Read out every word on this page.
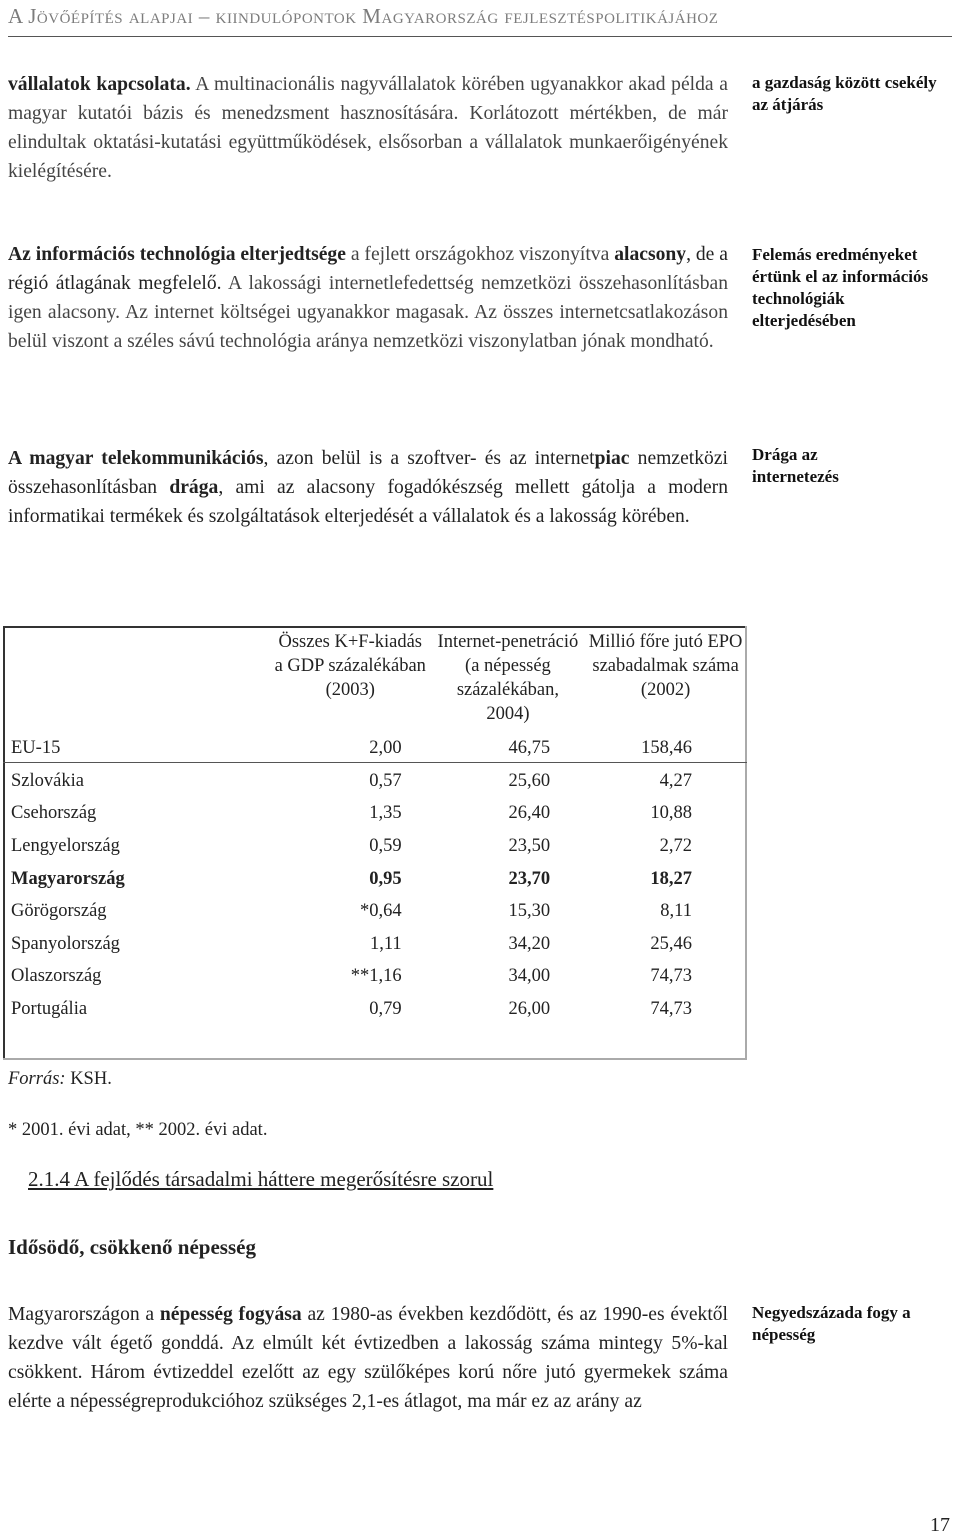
A Jövőépítés alapjai – kiindulópontok Magyarország fejlesztéspolitikájához

vállalatok kapcsolata. A multinacionális nagyvállalatok körében ugyanakkor akad példa a magyar kutatói bázis és menedzsment hasznosítására. Korlátozott mértékben, de már elindultak oktatási-kutatási együttműködések, elsősorban a vállalatok munkaerőigényének kielégítésére.

Az információs technológia elterjedtsége a fejlett országokhoz viszonyítva alacsony, de a régió átlagának megfelelő. A lakossági internetlefedettség nemzetközi összehasonlításban igen alacsony. Az internet költségei ugyanakkor magasak. Az összes internetcsatlakozáson belül viszont a széles sávú technológia aránya nemzetközi viszonylatban jónak mondható.

A magyar telekommunikációs, azon belül is a szoftver- és az internetpiac nemzetközi összehasonlításban drága, ami az alacsony fogadókészség mellett gátolja a modern informatikai termékek és szolgáltatások elterjedését a vállalatok és a lakosság körében.

a gazdaság között csekély az átjárás
Felemás eredményeket értünk el az információs technológiák elterjedésében
Drága az internetezés
	Összes K+F-kiadás a GDP százalékában (2003)	Internet-penetráció (a népesség százalékában, 2004)	Millió főre jutó EPO szabadalmak száma (2002)
EU-15	2,00	46,75	158,46
Szlovákia	0,57	25,60	4,27
Csehország	1,35	26,40	10,88
Lengyelország	0,59	23,50	2,72
Magyarország	0,95	23,70	18,27
Görögország	*0,64	15,30	8,11
Spanyolország	1,11	34,20	25,46
Olaszország	**1,16	34,00	74,73
Portugália	0,79	26,00	74,73
Forrás: KSH.
* 2001. évi adat, ** 2002. évi adat.
2.1.4 A fejlődés társadalmi háttere megerősítésre szorul
Idősödő, csökkenő népesség

Magyarországon a népesség fogyása az 1980-as években kezdődött, és az 1990-es évektől kezdve vált égető gonddá. Az elmúlt két évtizedben a lakosság száma mintegy 5%-kal csökkent. Három évtizeddel ezelőtt az egy szülőképes korú nőre jutó gyermekek száma elérte a népességreprodukcióhoz szükséges 2,1-es átlagot, ma már ez az arány az

Negyedszázada fogy a népesség
17
